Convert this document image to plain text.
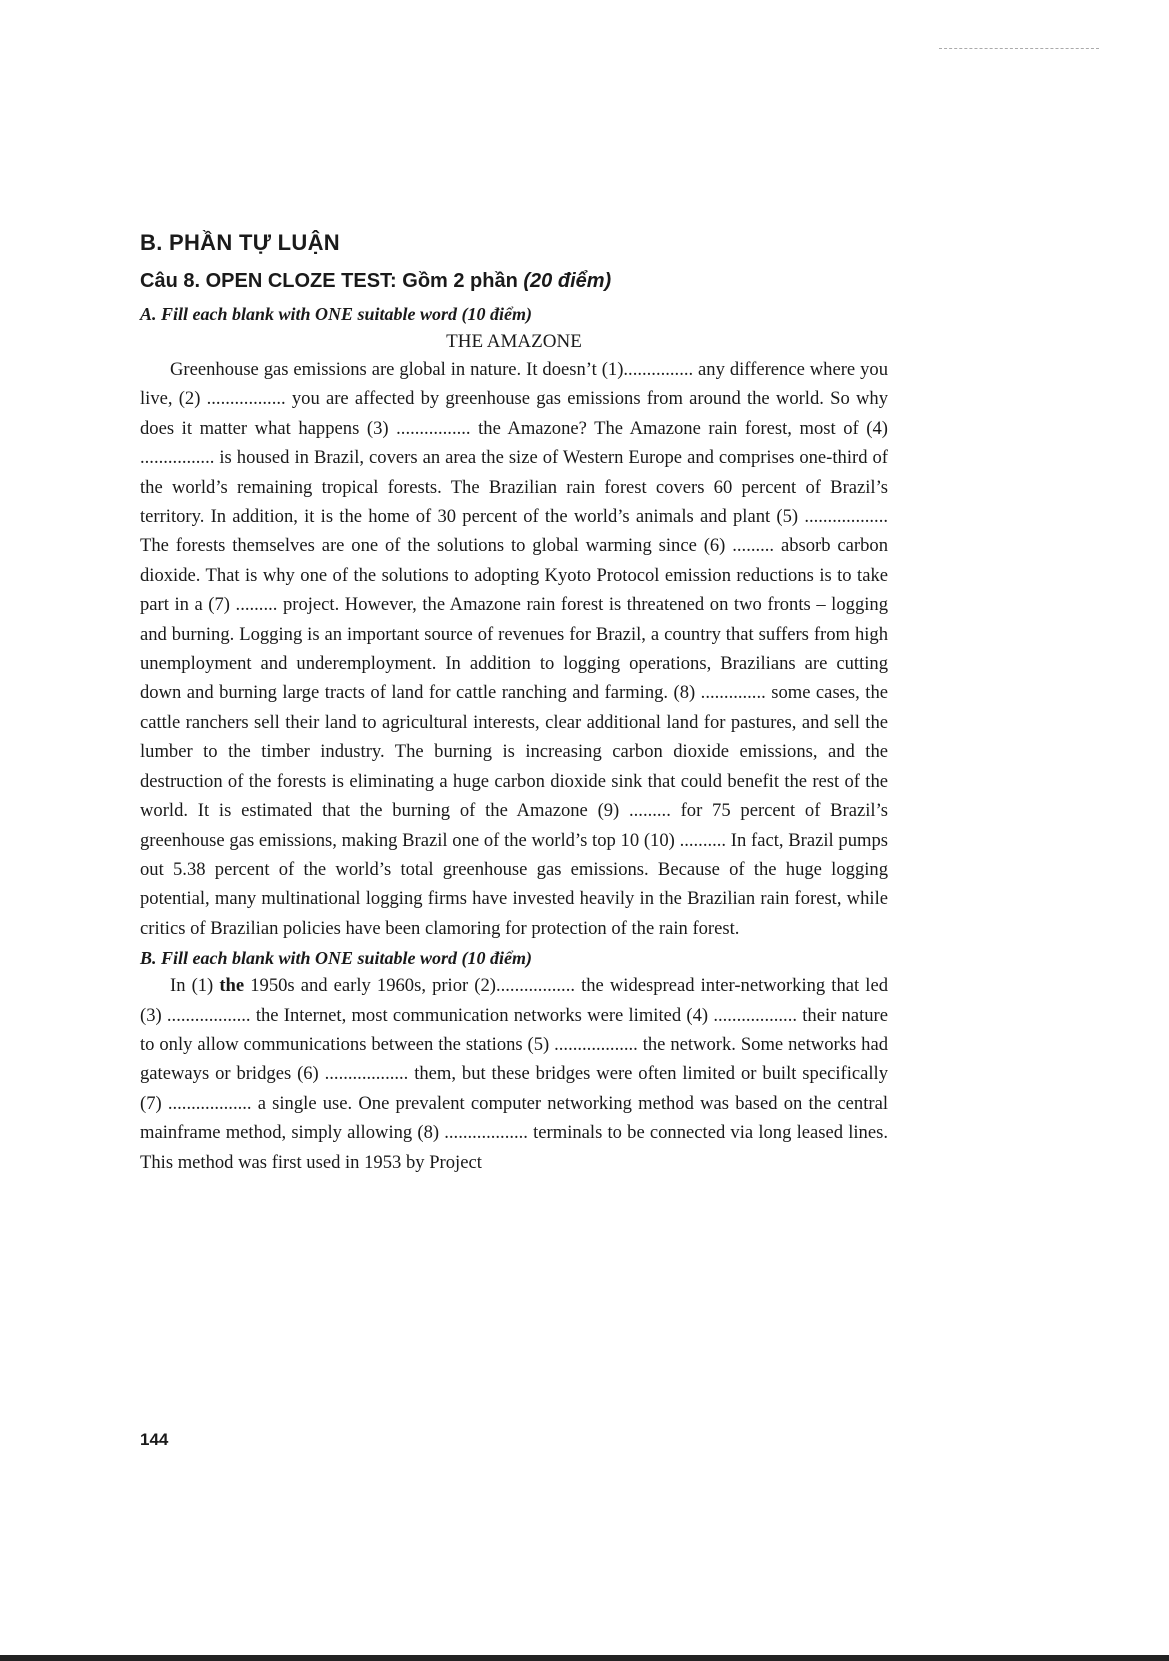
B. PHẦN TỰ LUẬN
Câu 8. OPEN CLOZE TEST: Gồm 2 phần (20 điểm)

A. Fill each blank with ONE suitable word (10 điểm)

THE AMAZONE

Greenhouse gas emissions are global in nature. It doesn’t (1)............... any difference where you live, (2) ................. you are affected by greenhouse gas emissions from around the world. So why does it matter what happens (3) ................ the Amazone? The Amazone rain forest, most of (4) ................ is housed in Brazil, covers an area the size of Western Europe and comprises one-third of the world’s remaining tropical forests. The Brazilian rain forest covers 60 percent of Brazil’s territory. In addition, it is the home of 30 percent of the world’s animals and plant (5) .................. The forests themselves are one of the solutions to global warming since (6) ......... absorb carbon dioxide. That is why one of the solutions to adopting Kyoto Protocol emission reductions is to take part in a (7) ......... project. However, the Amazone rain forest is threatened on two fronts – logging and burning. Logging is an important source of revenues for Brazil, a country that suffers from high unemployment and underemployment. In addition to logging operations, Brazilians are cutting down and burning large tracts of land for cattle ranching and farming. (8) .............. some cases, the cattle ranchers sell their land to agricultural interests, clear additional land for pastures, and sell the lumber to the timber industry. The burning is increasing carbon dioxide emissions, and the destruction of the forests is eliminating a huge carbon dioxide sink that could benefit the rest of the world. It is estimated that the burning of the Amazone (9) ......... for 75 percent of Brazil’s greenhouse gas emissions, making Brazil one of the world’s top 10 (10) .......... In fact, Brazil pumps out 5.38 percent of the world’s total greenhouse gas emissions. Because of the huge logging potential, many multinational logging firms have invested heavily in the Brazilian rain forest, while critics of Brazilian policies have been clamoring for protection of the rain forest.

B. Fill each blank with ONE suitable word (10 điểm)

In (1) the 1950s and early 1960s, prior (2)................. the widespread inter-networking that led (3) .................. the Internet, most communication networks were limited (4) .................. their nature to only allow communications between the stations (5) .................. the network. Some networks had gateways or bridges (6) .................. them, but these bridges were often limited or built specifically (7) .................. a single use. One prevalent computer networking method was based on the central mainframe method, simply allowing (8) .................. terminals to be connected via long leased lines. This method was first used in 1953 by Project

144
